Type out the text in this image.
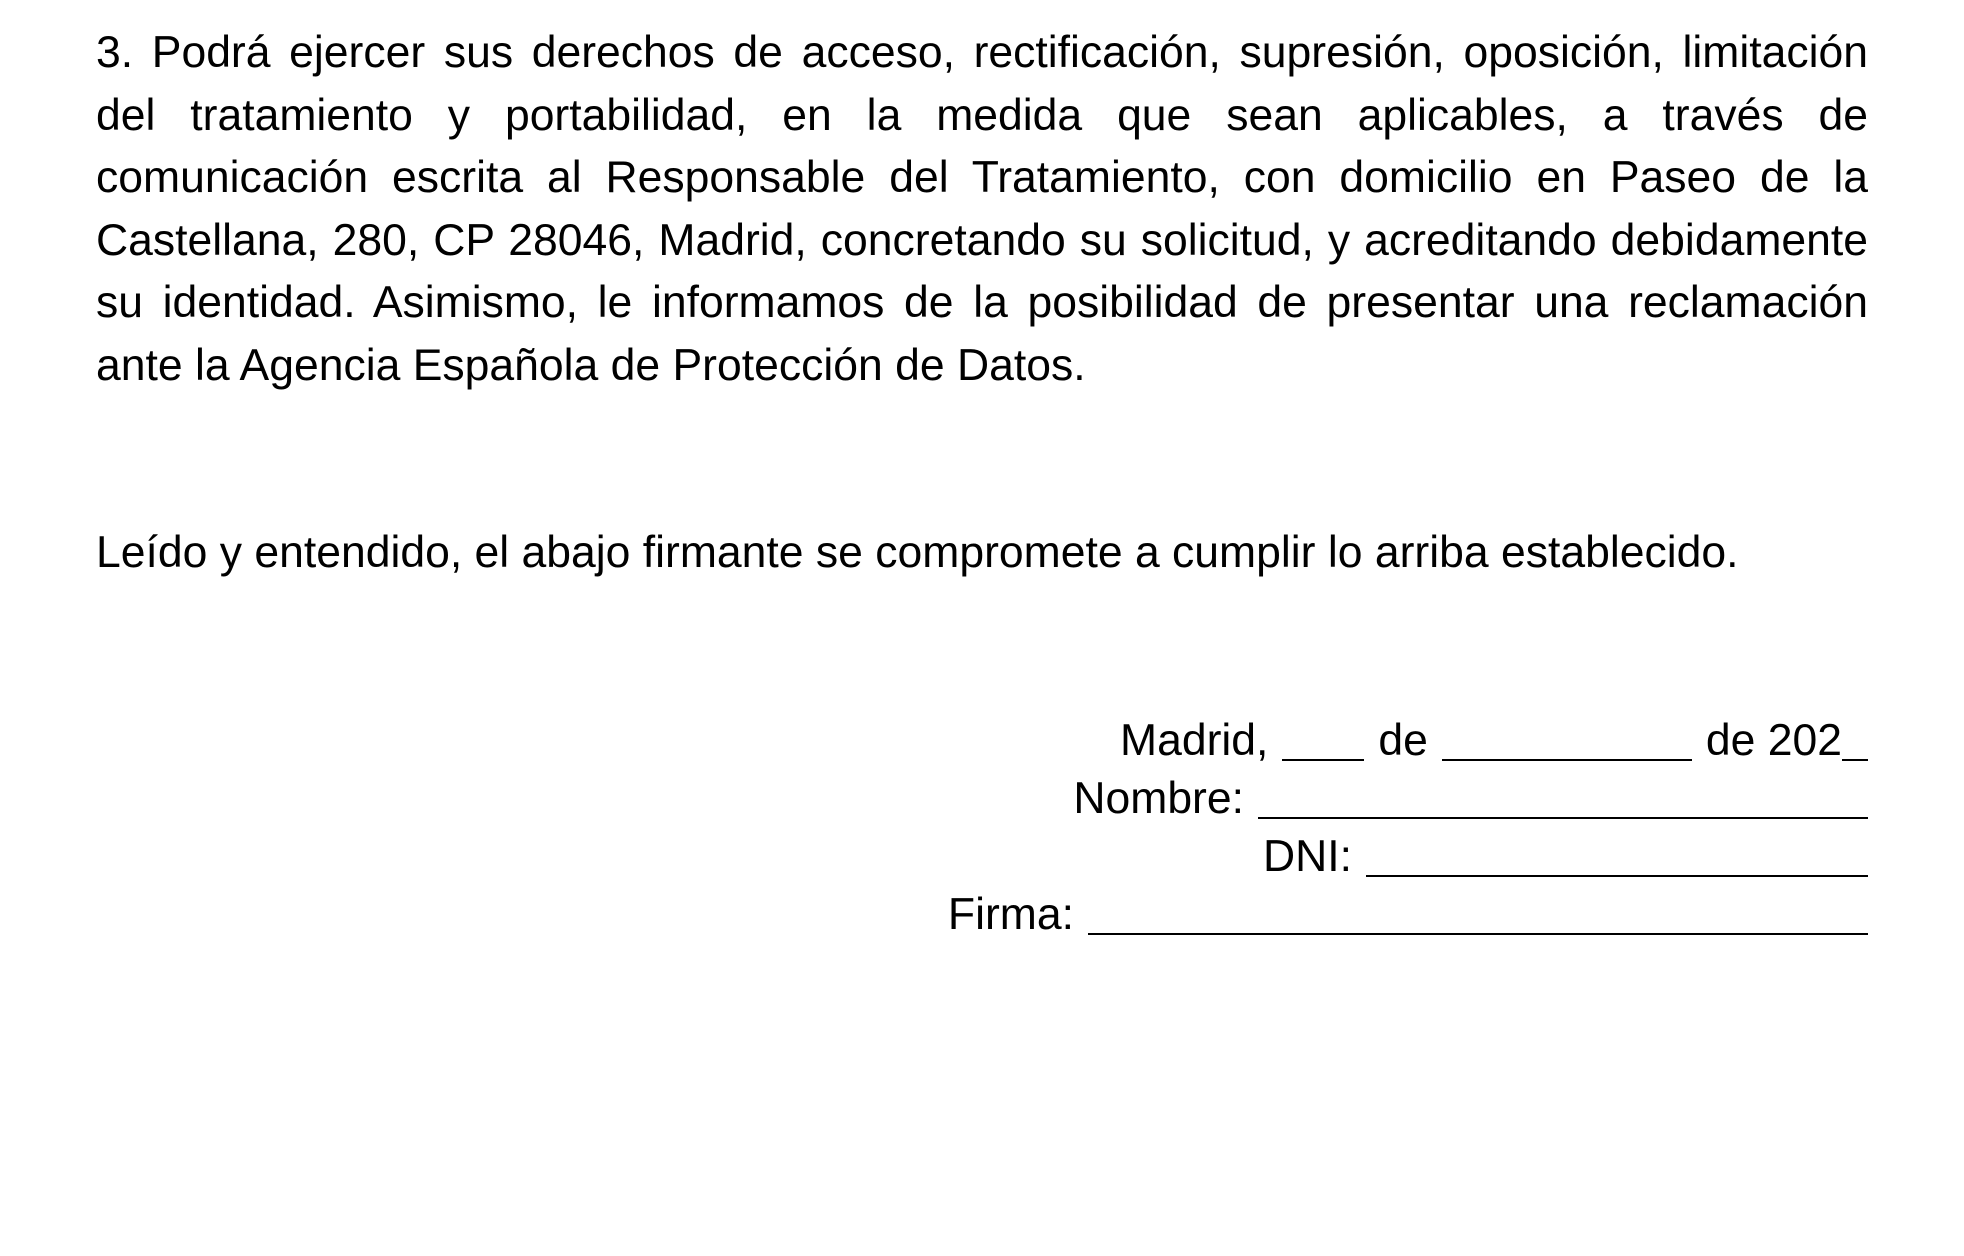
3. Podrá ejercer sus derechos de acceso, rectificación, supresión, oposición, limitación del tratamiento y portabilidad, en la medida que sean aplicables, a través de comunicación escrita al Responsable del Tratamiento, con domicilio en Paseo de la Castellana, 280, CP 28046, Madrid, concretando su solicitud, y acreditando debidamente su identidad. Asimismo, le informamos de la posibilidad de presentar una reclamación ante la Agencia Española de Protección de Datos.

Leído y entendido, el abajo firmante se compromete a cumplir lo arriba establecido.

Madrid, de	de 202
Nombre:
DNI:
Firma:
